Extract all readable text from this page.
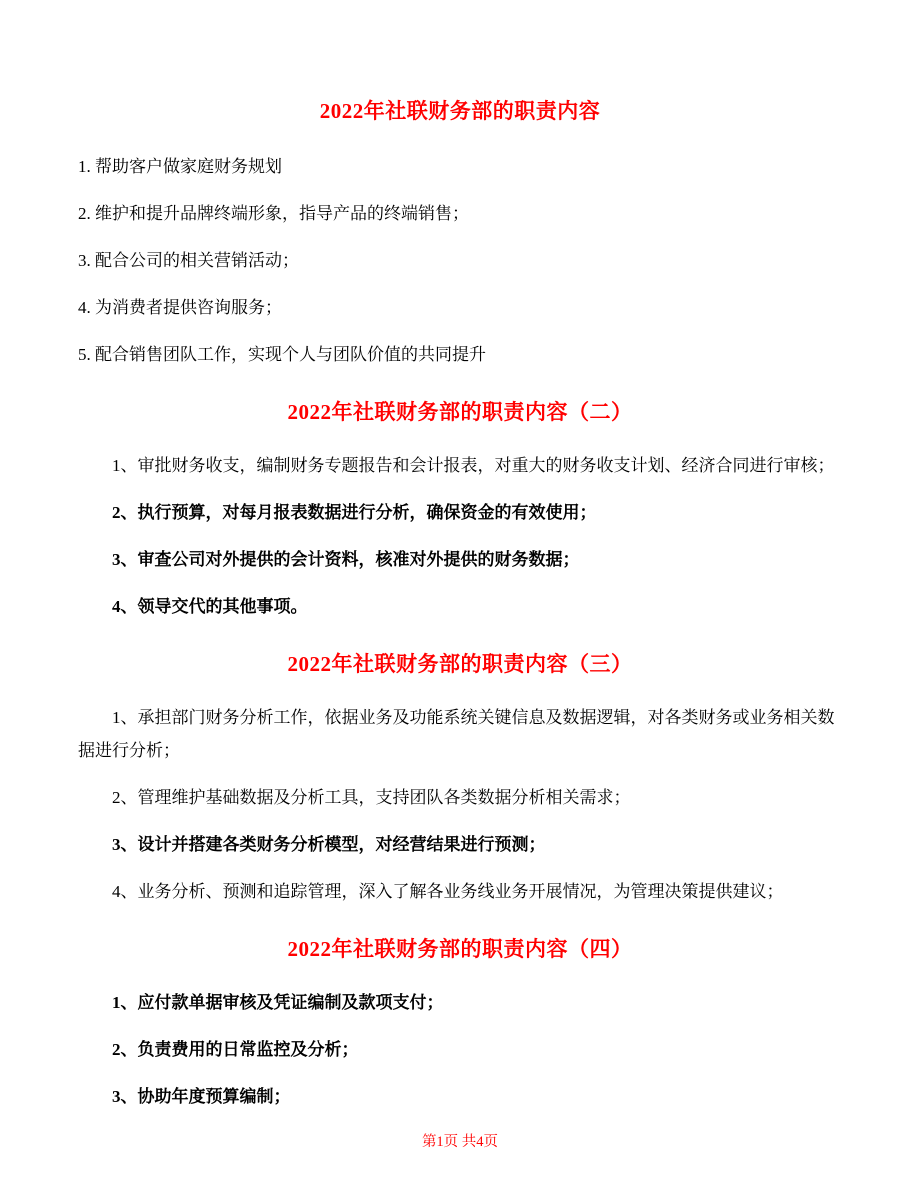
2022年社联财务部的职责内容

1. 帮助客户做家庭财务规划

2. 维护和提升品牌终端形象，指导产品的终端销售；

3. 配合公司的相关营销活动；

4. 为消费者提供咨询服务；

5. 配合销售团队工作，实现个人与团队价值的共同提升

2022年社联财务部的职责内容（二）

1、审批财务收支，编制财务专题报告和会计报表，对重大的财务收支计划、经济合同进行审核；

2、执行预算，对每月报表数据进行分析，确保资金的有效使用；

3、审查公司对外提供的会计资料，核准对外提供的财务数据；

4、领导交代的其他事项。

2022年社联财务部的职责内容（三）

1、承担部门财务分析工作，依据业务及功能系统关键信息及数据逻辑，对各类财务或业务相关数据进行分析；

2、管理维护基础数据及分析工具，支持团队各类数据分析相关需求；

3、设计并搭建各类财务分析模型，对经营结果进行预测；

4、业务分析、预测和追踪管理，深入了解各业务线业务开展情况，为管理决策提供建议；

2022年社联财务部的职责内容（四）

1、应付款单据审核及凭证编制及款项支付；

2、负责费用的日常监控及分析；

3、协助年度预算编制；

第1页 共4页
